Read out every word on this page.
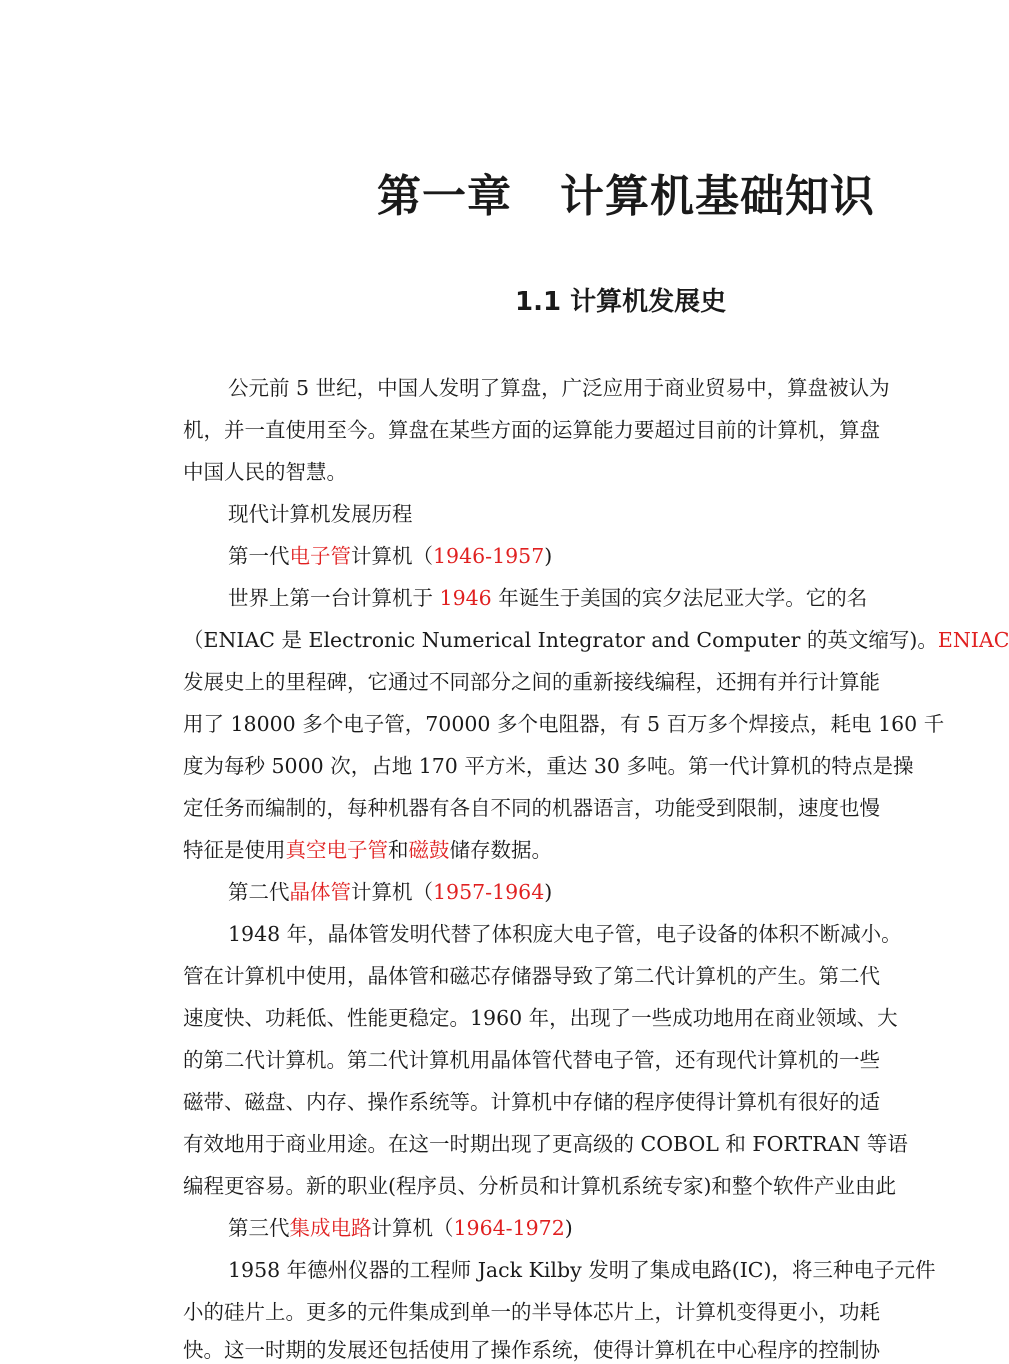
第一章 计算机基础知识
1.1 计算机发展史
公元前 5 世纪，中国人发明了算盘，广泛应用于商业贸易中，算盘被认为
机，并一直使用至今。算盘在某些方面的运算能力要超过目前的计算机，算盘
中国人民的智慧。
现代计算机发展历程
第一代电子管计算机（1946-1957)
世界上第一台计算机于 1946 年诞生于美国的宾夕法尼亚大学。它的名
（ENIAC 是 Electronic Numerical Integrator and Computer 的英文缩写)。ENIAC
发展史上的里程碑，它通过不同部分之间的重新接线编程，还拥有并行计算能
用了 18000 多个电子管，70000 多个电阻器，有 5 百万多个焊接点，耗电 160 千
度为每秒 5000 次，占地 170 平方米，重达 30 多吨。第一代计算机的特点是操
定任务而编制的，每种机器有各自不同的机器语言，功能受到限制，速度也慢
特征是使用真空电子管和磁鼓储存数据。
第二代晶体管计算机（1957-1964)
1948 年，晶体管发明代替了体积庞大电子管，电子设备的体积不断减小。
管在计算机中使用，晶体管和磁芯存储器导致了第二代计算机的产生。第二代
速度快、功耗低、性能更稳定。1960 年，出现了一些成功地用在商业领域、大
的第二代计算机。第二代计算机用晶体管代替电子管，还有现代计算机的一些
磁带、磁盘、内存、操作系统等。计算机中存储的程序使得计算机有很好的适
有效地用于商业用途。在这一时期出现了更高级的 COBOL 和 FORTRAN 等语
编程更容易。新的职业(程序员、分析员和计算机系统专家)和整个软件产业由此
第三代集成电路计算机（1964-1972)
1958 年德州仪器的工程师 Jack Kilby 发明了集成电路(IC)，将三种电子元件
小的硅片上。更多的元件集成到单一的半导体芯片上，计算机变得更小，功耗
快。这一时期的发展还包括使用了操作系统，使得计算机在中心程序的控制协
